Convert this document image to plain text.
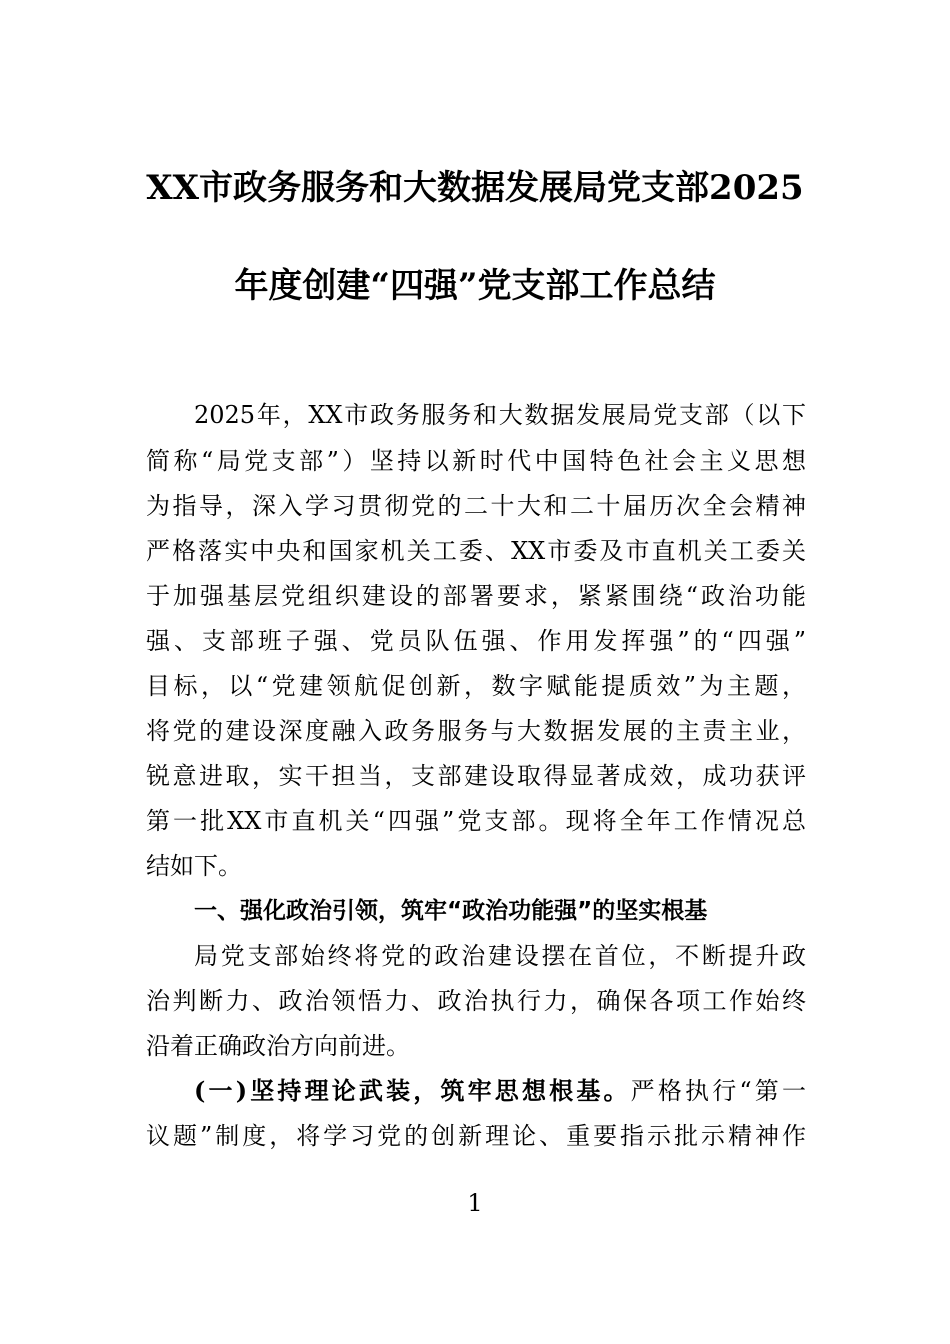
XX市政务服务和大数据发展局党支部2025
年度创建“四强”党支部工作总结
2025年，XX市政务服务和大数据发展局党支部（以下
简称“局党支部”）坚持以新时代中国特色社会主义思想
为指导，深入学习贯彻党的二十大和二十届历次全会精神
严格落实中央和国家机关工委、XX市委及市直机关工委关
于加强基层党组织建设的部署要求，紧紧围绕“政治功能
强、支部班子强、党员队伍强、作用发挥强”的“四强”
目标，以“党建领航促创新，数字赋能提质效”为主题，
将党的建设深度融入政务服务与大数据发展的主责主业，
锐意进取，实干担当，支部建设取得显著成效，成功获评
第一批XX市直机关“四强”党支部。现将全年工作情况总
结如下。
一、强化政治引领，筑牢“政治功能强”的坚实根基
局党支部始终将党的政治建设摆在首位，不断提升政
治判断力、政治领悟力、政治执行力，确保各项工作始终
沿着正确政治方向前进。
(一)坚持理论武装，筑牢思想根基。严格执行“第一
议题”制度，将学习党的创新理论、重要指示批示精神作
1
